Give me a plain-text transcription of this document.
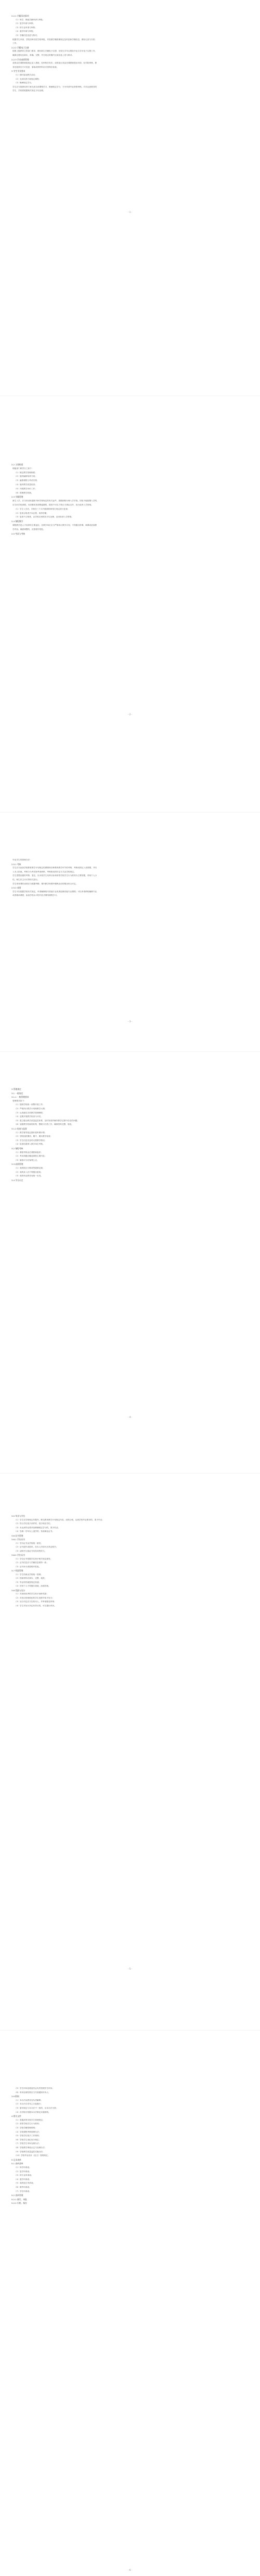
2.2.1 学籍异动事项
（1）休学、保留学籍申请与审批；
（2）复学申请与审核；
（3）转专业申请与审核；
（4）退学申请与审批；
（5）学籍信息变更与核对。
根据学生申请，学院初审后报学校审批，并按照学籍管理规定及时更新学籍信息，做好记录与归档
工作。
2.2.2 学籍电子注册
按照上级教育主管部门要求，做好新生学籍电子注册、在校生学年注册及毕业生学历电子注册工作，
确保注册信息真实、准确、完整，并在规定时限内完成信息上报与核对。
2.2.3 学业成绩管理
成绩由任课教师按规定录入系统，经审核后发布；成绩更正须由任课教师提出申请，经学院审核、教
务处批准后方可变更，原始成绩材料应妥善保存备查。
3 学生学业要求
（1）按时参加教学活动；
（2）完成培养方案规定课程；
（3）修满规定学分。
学生应当按照培养方案完成全部课程学习，修满规定学分，方可申请毕业资格审核。对未达到要求的
学生，学校将根据相关规定予以处理。
2.2 主要职责
职能部门职责分工如下：
（1）制定教学管理制度；
（2）组织编制培养方案；
（3）编排课程与考试安排；
（4）组织教学质量检查；
（5）开展教学评价工作；
（6）管理教学档案。
2.3 学籍管理
新生入学，应当持录取通知书和学校规定的有关证件，按期到校办理入学手续。因故不能按期入学的，
应当向学校请假。未请假或者请假逾期的，除因不可抗力等正当事由以外，视为放弃入学资格。
（1）学生入学后，学校在三个月内按照国家招生规定进行复查；
（2）复查合格者予以注册，取得学籍；
（3）复查不合格者，由学校区别情况予以处理，直至取消入学资格。
2.4 课程教学
课程教学是人才培养的主要途径，各教学单位应当严格执行教学计划，不得擅自停课、调课或更改教
学内容。确需调整的，应按程序报批。
2.5 考试与考核
毕业学生的管理办法：
2.5.1 考核
学生应当参加学校教育教学计划规定的课程和各种教育教学环节的考核，考核成绩记入成绩册，并归
入本人档案。考核分为考试和考查两种，考核和成绩评定方式由学校规定。
学生思想品德的考核、鉴定，以本校学生培养目标和高等学校学生行为准则为主要依据，采取个人小
结，师生民主评议等形式进行。
学生体育课的成绩应当根据考勤、课内教学和课外锻炼活动的情况综合评定。
2.5.2 成绩
学生可以根据学校有关规定，申请辅修校内其他专业或者选修其他专业课程；可以申请跨校辅修专业
或者修读课程，参加学校认可的开放式网络课程学习。
3 管理规定
3.1 一般规定
3.1.1 一般管理要求
管理要求如下：
（1）按照学校统一部署开展工作；
（2）严格执行教学计划和教学大纲；
（3）认真落实各项教学管理制度；
（4）定期开展教学检查与评估。
（5）建立健全教学质量监控体系，及时发现并解决教学过程中存在的问题；
（6）加强教学档案的收集、整理与归档工作，确保资料完整、规范。
3.1.2 检查与监督
（1）教学督导组定期开展听课评课；
（2）学院组织期初、期中、期末教学检查；
（3）学生信息员及时反馈教学情况；
（4）检查结果纳入教学单位考核。
3.2 课程考核
（1）课程考核由任课教师组织；
（2）考试命题应覆盖课程主要内容；
（3）阅卷评分应客观公正。
3.3 成绩管理
（1）成绩按百分制或等级制记载；
（2）成绩录入后不得擅自更改；
（3）成绩单由教务处统一出具。
3.4 学分认定
3.5 毕业与学位
（1）学生在学校规定年限内，修完教育教学计划规定内容，成绩合格，达到学校毕业要求的，准予毕业；
（2）符合学位授予条件的，授予相应学位；
（3）未达到毕业要求但修满规定学分的，准予结业；
（4）学满一学年以上退学的，发给肄业证书。
3.6 证书管理
3.6.1 学历证书
（1）学历证书由学校统一颁发；
（2）证书遗失或损坏，经本人申请可出具证明书；
（3）证明书与原证书具有同等效力。
3.6.2 学位证书
（1）学位证书依据学位授予相关规定颁发；
（2）证书信息应与学籍信息保持一致；
（3）证书补办须按程序报批。
3.7 档案管理
（1）学生档案由学校统一管理；
（2）档案材料应真实、完整、规范；
（3）毕业时档案按规定转递；
（4）任何个人不得擅自查阅、涂改档案。
3.8 奖励与处分
（1）对表现优秀的学生给予表彰奖励；
（2）对违反校规校纪的学生视情节给予处分；
（3）处分决定应当告知本人，并听取陈述申辩；
（4）学生对处分决定有异议的，可以提出申诉。
（5）学生申诉处理委员会负责受理学生申诉；
（6）申诉处理结果应当书面通知申诉人；
3.9 附则
（1）本办法由教务处负责解释；
（2）本办法自发布之日起施行；
（3）原有规定与本办法不一致的，以本办法为准；
（4）各学院可依据本办法制定实施细则。
4 相关文件
（1）普通高等学校学生管理规定；
（2）高等学校学生行为准则；
（3）学校学籍管理细则；
（4）学校课程考核管理办法；
（5）学校学位授予工作细则；
（6）学校学生违纪处分规定；
（7）学校学生申诉处理办法；
（8）学校教学事故认定与处理办法；
（9）学校教学质量监控实施办法；
（10）学校毕业设计（论文）管理规定。
5 记录表单
5.1 表单清单
（1）休学申请表；
（2）复学申请表；
（3）转专业申请表；
（4）退学申请表；
（5）成绩更正申请表；
（6）缓考申请表；
（7）学位申请表；
5.2 表单管理
5.2.1 填写、审批
5.2.2 归档、保存
- 1 -
- 2 -
- 3 -
- 4 -
- 5 -
- 6 -
